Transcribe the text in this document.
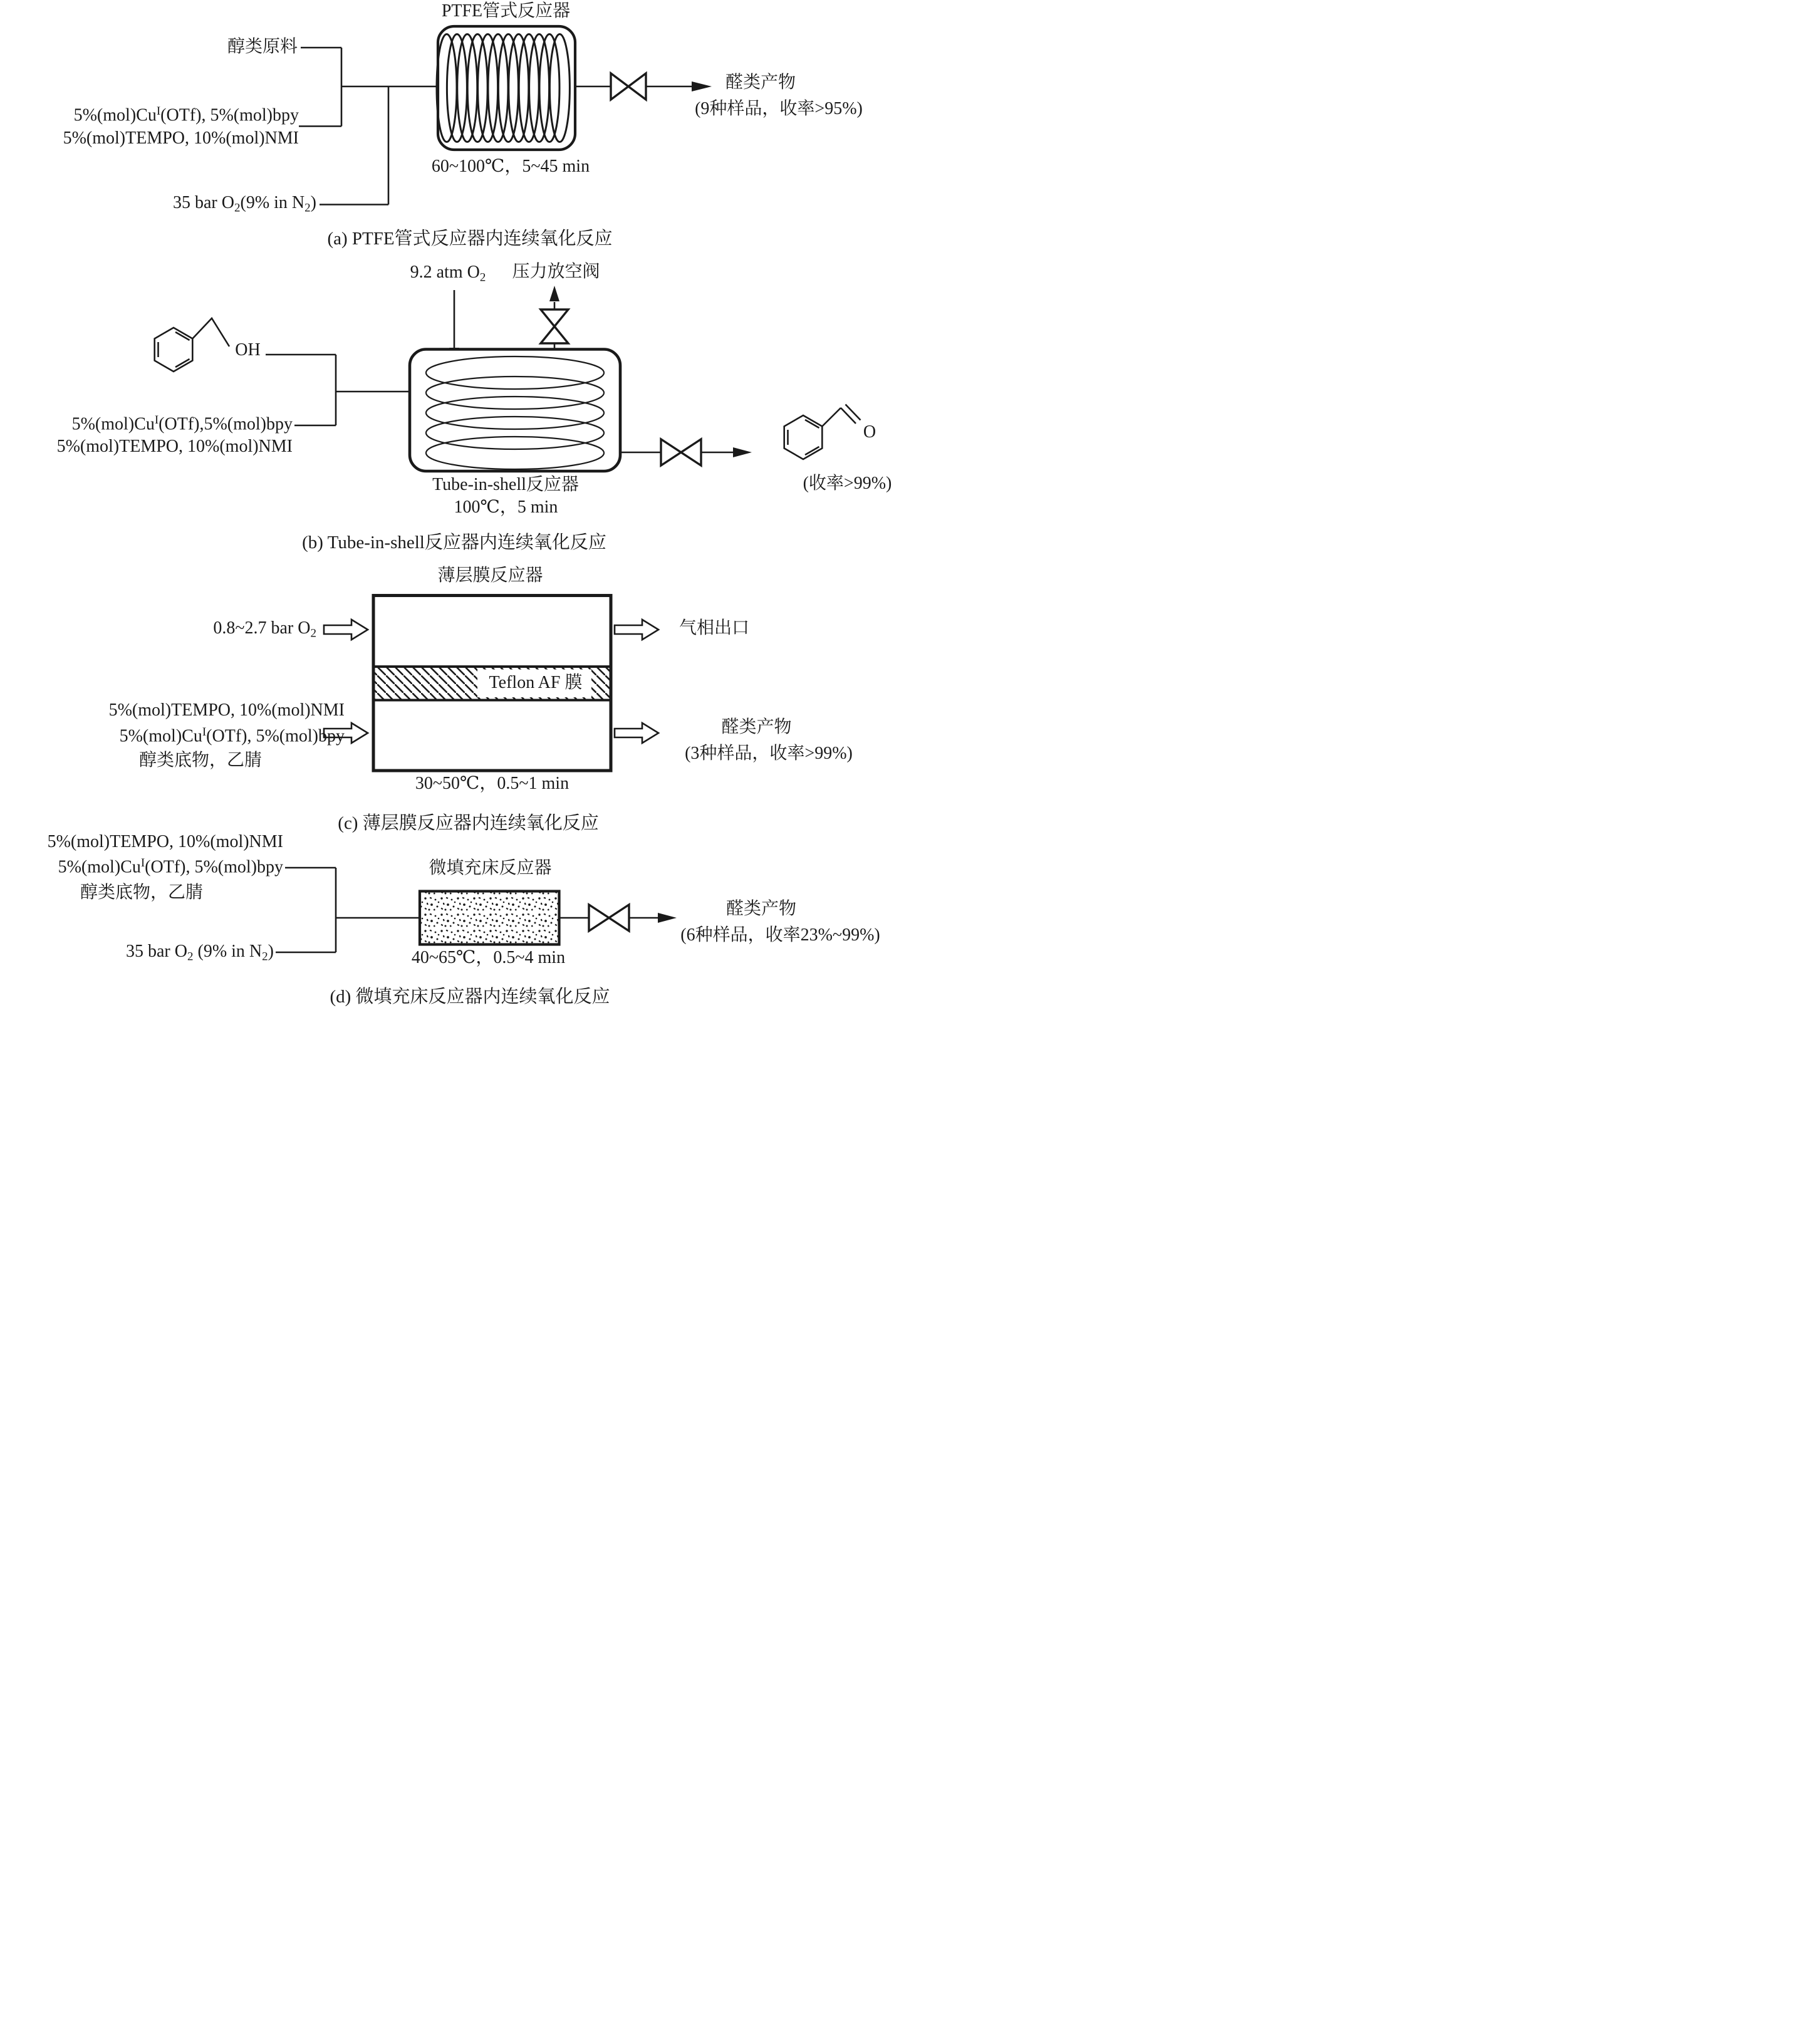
PTFE管式反应器
醇类原料
$5\%(mol)Cu^I(OTf)$, 5%(mol)bpy
5%(mol)TEMPO, 10%(mol)NMI
35 bar $O_2(9\%$ in $N_2$)
60~100℃，5~45 min
醛类产物
(9种样品，收率>95%)
(a) PTFE管式反应器内连续氧化反应
9.2 atm $O_2$	压力放空阀
OH
$5\%(mol)Cu^I(OTf),5\%(mol)bpy$
5%(mol)TEMPO, 10%(mol)NMI
Tube-in-shell反应器
100℃，5 min
O
(收率>99%)
(b) Tube-in-shell反应器内连续氧化反应
薄层膜反应器
0.8~2.7 bar $O_2$
5%(mol)TEMPO, 10%(mol)NMI
$5\%(mol)Cu^I(OTf)$, 5%(mol)bpy
醇类底物，乙腈
Teflon AF 膜
气相出口
醛类产物
(3种样品，收率>99%)
30~50℃，0.5~1 min
(c) 薄层膜反应器内连续氧化反应
5%(mol)TEMPO, 10%(mol)NMI
$5\%(mol)Cu^I(OTf)$, 5%(mol)bpy
醇类底物，乙腈
35 bar $O_2$ (9% in $N_2$)
微填充床反应器
40~65℃，0.5~4 min
醛类产物
(6种样品，收率23%~99%)
(d) 微填充床反应器内连续氧化反应
